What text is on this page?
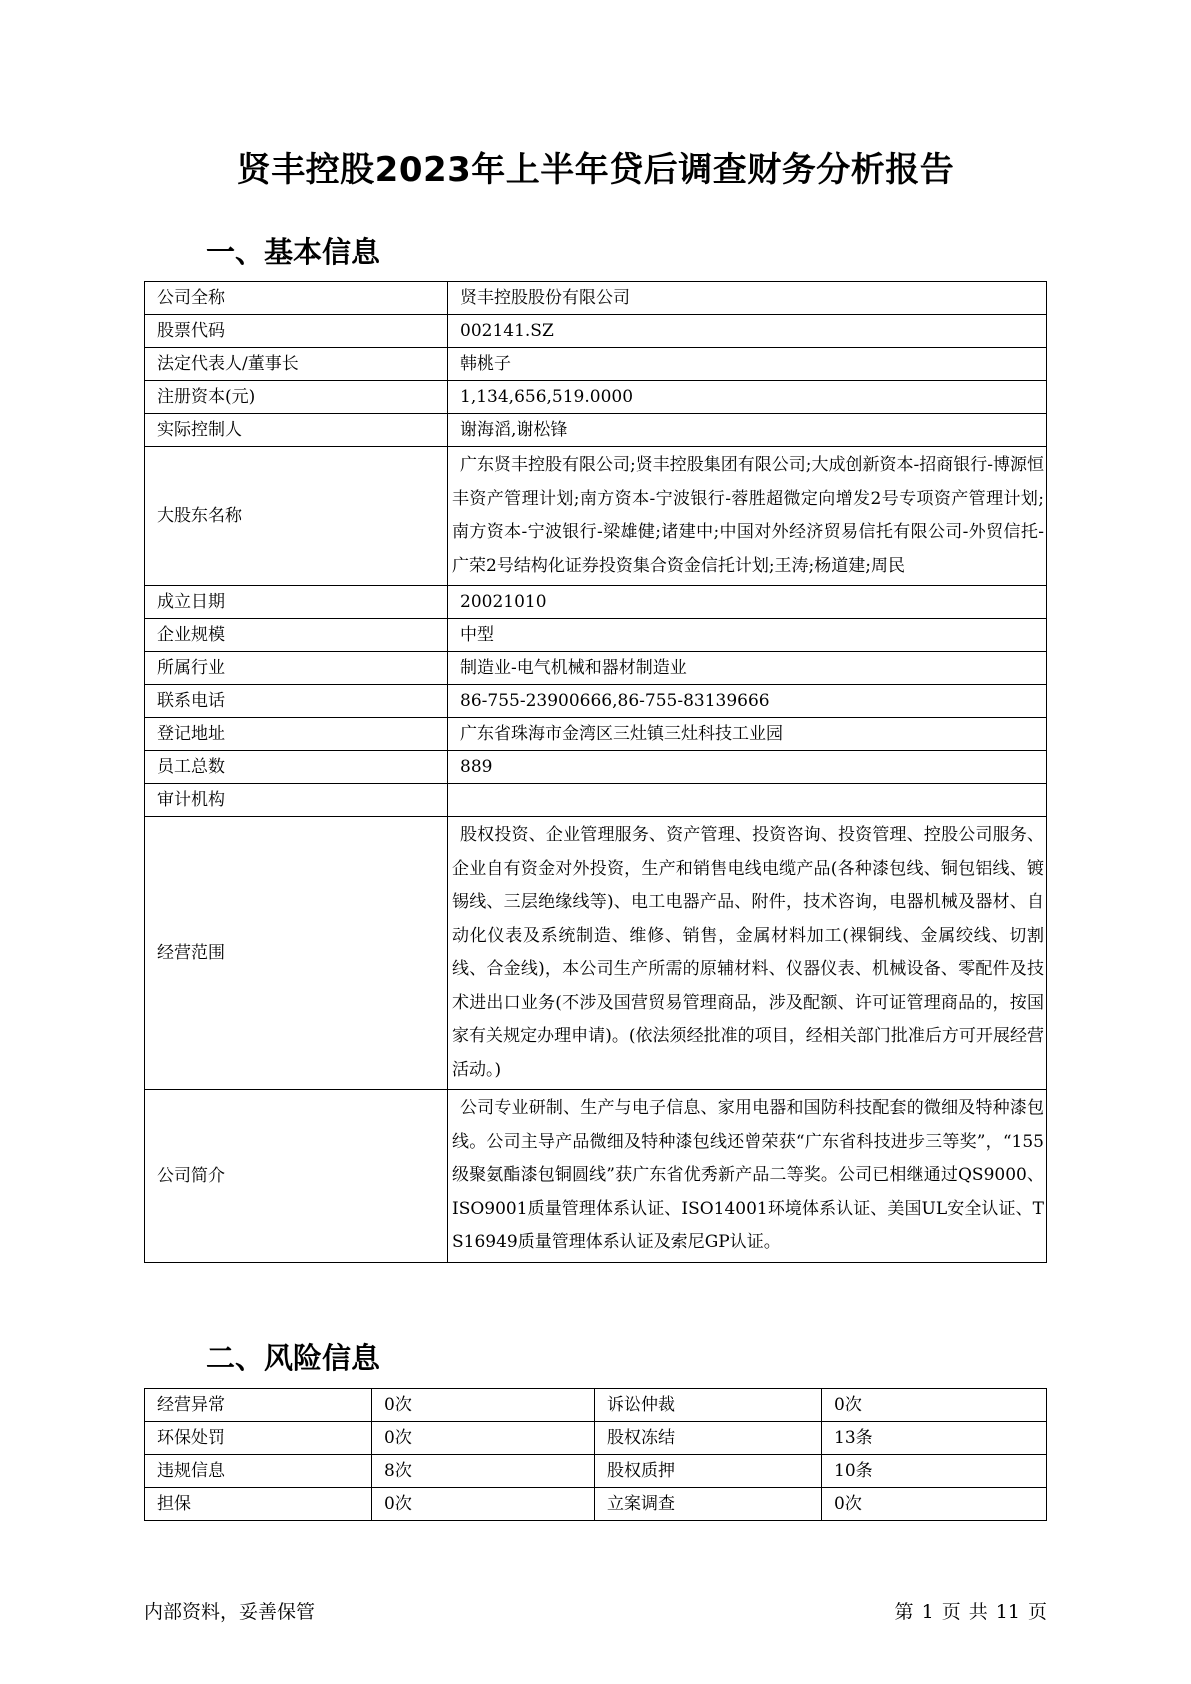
贤丰控股2023年上半年贷后调查财务分析报告
一、基本信息
公司全称	贤丰控股股份有限公司
股票代码	002141.SZ
法定代表人/董事长	韩桃子
注册资本(元)	1,134,656,519.0000
实际控制人	谢海滔,谢松锋
大股东名称	广东贤丰控股有限公司;贤丰控股集团有限公司;大成创新资本-招商银行-博源恒丰资产管理计划;南方资本-宁波银行-蓉胜超微定向增发2号专项资产管理计划;南方资本-宁波银行-梁雄健;诸建中;中国对外经济贸易信托有限公司-外贸信托-广荣2号结构化证券投资集合资金信托计划;王涛;杨道建;周民
成立日期	20021010
企业规模	中型
所属行业	制造业-电气机械和器材制造业
联系电话	86-755-23900666,86-755-83139666
登记地址	广东省珠海市金湾区三灶镇三灶科技工业园
员工总数	889
审计机构	
经营范围	股权投资、企业管理服务、资产管理、投资咨询、投资管理、控股公司服务、企业自有资金对外投资，生产和销售电线电缆产品(各种漆包线、铜包铝线、镀锡线、三层绝缘线等)、电工电器产品、附件，技术咨询，电器机械及器材、自动化仪表及系统制造、维修、销售，金属材料加工(裸铜线、金属绞线、切割线、合金线)，本公司生产所需的原辅材料、仪器仪表、机械设备、零配件及技术进出口业务(不涉及国营贸易管理商品，涉及配额、许可证管理商品的，按国家有关规定办理申请)。(依法须经批准的项目，经相关部门批准后方可开展经营活动。)
公司简介	公司专业研制、生产与电子信息、家用电器和国防科技配套的微细及特种漆包线。公司主导产品微细及特种漆包线还曾荣获“广东省科技进步三等奖”，“155级聚氨酯漆包铜圆线”获广东省优秀新产品二等奖。公司已相继通过QS9000、ISO9001质量管理体系认证、ISO14001环境体系认证、美国UL安全认证、TS16949质量管理体系认证及索尼GP认证。
二、风险信息
经营异常	0次	诉讼仲裁	0次
环保处罚	0次	股权冻结	13条
违规信息	8次	股权质押	10条
担保	0次	立案调查	0次
内部资料，妥善保管	第 1 页 共 11 页
